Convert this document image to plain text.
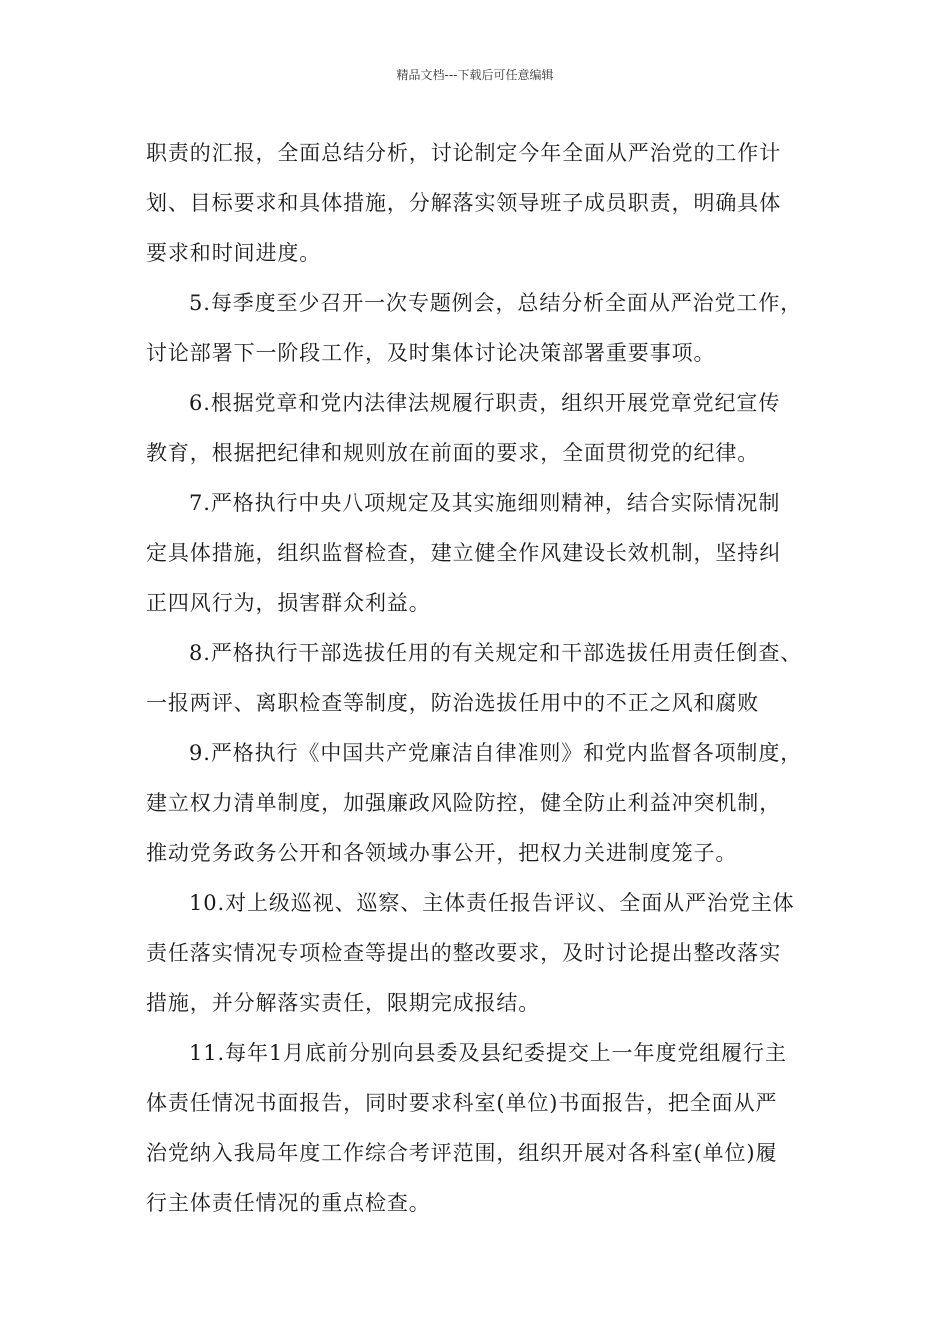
精品文档---下载后可任意编辑
职责的汇报，全面总结分析，讨论制定今年全面从严治党的工作计
划、目标要求和具体措施，分解落实领导班子成员职责，明确具体
要求和时间进度。
5.每季度至少召开一次专题例会，总结分析全面从严治党工作，
讨论部署下一阶段工作，及时集体讨论决策部署重要事项。
6.根据党章和党内法律法规履行职责，组织开展党章党纪宣传
教育，根据把纪律和规则放在前面的要求，全面贯彻党的纪律。
7.严格执行中央八项规定及其实施细则精神，结合实际情况制
定具体措施，组织监督检查，建立健全作风建设长效机制，坚持纠
正四风行为，损害群众利益。
8.严格执行干部选拔任用的有关规定和干部选拔任用责任倒查、
一报两评、离职检查等制度，防治选拔任用中的不正之风和腐败
9.严格执行《中国共产党廉洁自律准则》和党内监督各项制度，
建立权力清单制度，加强廉政风险防控，健全防止利益冲突机制，
推动党务政务公开和各领域办事公开，把权力关进制度笼子。
10.对上级巡视、巡察、主体责任报告评议、全面从严治党主体
责任落实情况专项检查等提出的整改要求，及时讨论提出整改落实
措施，并分解落实责任，限期完成报结。
11.每年1月底前分别向县委及县纪委提交上一年度党组履行主
体责任情况书面报告，同时要求科室(单位)书面报告，把全面从严
治党纳入我局年度工作综合考评范围，组织开展对各科室(单位)履
行主体责任情况的重点检查。
